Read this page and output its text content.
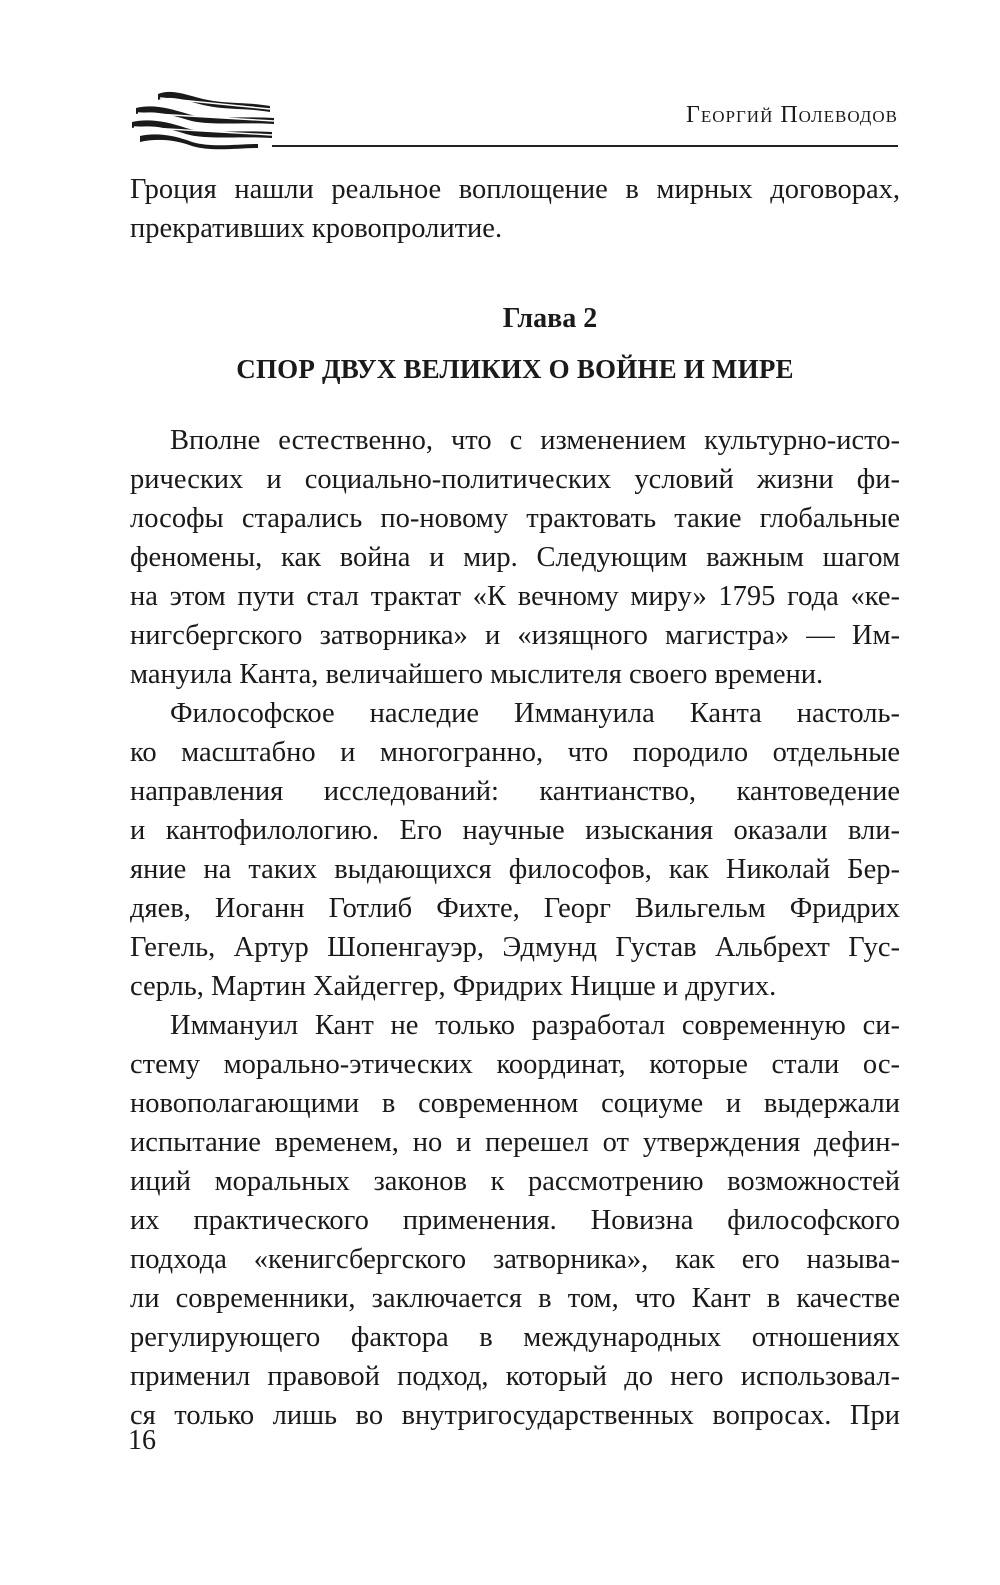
Георгий Полеводов

Гроция нашли реальное воплощение в мирных договорах,
прекративших кровопролитие.

Глава 2
СПОР ДВУХ ВЕЛИКИХ О ВОЙНЕ И МИРЕ

Вполне естественно, что с изменением культурно-исто-
рических и социально-политических условий жизни фи-
лософы старались по-новому трактовать такие глобальные
феномены, как война и мир. Следующим важным шагом
на этом пути стал трактат «К вечному миру» 1795 года «ке-
нигсбергского затворника» и «изящного магистра» — Им-
мануила Канта, величайшего мыслителя своего времени.

Философское наследие Иммануила Канта настоль-
ко масштабно и многогранно, что породило отдельные
направления исследований: кантианство, кантоведение
и кантофилологию. Его научные изыскания оказали вли-
яние на таких выдающихся философов, как Николай Бер-
дяев, Иоганн Готлиб Фихте, Георг Вильгельм Фридрих
Гегель, Артур Шопенгауэр, Эдмунд Густав Альбрехт Гус-
серль, Мартин Хайдеггер, Фридрих Ницше и других.

Иммануил Кант не только разработал современную си-
стему морально-этических координат, которые стали ос-
новополагающими в современном социуме и выдержали
испытание временем, но и перешел от утверждения дефин-
иций моральных законов к рассмотрению возможностей
их практического применения. Новизна философского
подхода «кенигсбергского затворника», как его называ-
ли современники, заключается в том, что Кант в качестве
регулирующего фактора в международных отношениях
применил правовой подход, который до него использовал-
ся только лишь во внутригосударственных вопросах. При

16
